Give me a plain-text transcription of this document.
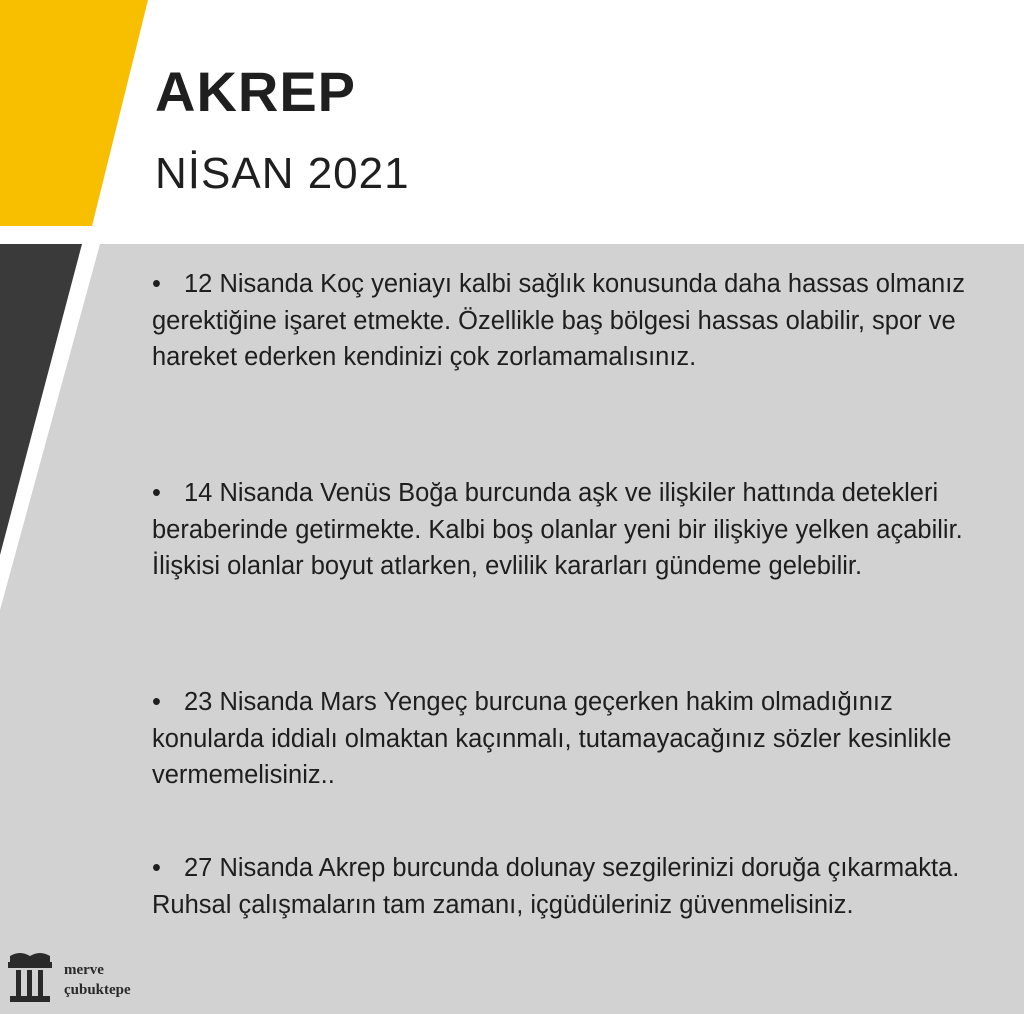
AKREP
NİSAN 2021
• 12 Nisanda Koç yeniayı kalbi sağlık konusunda daha hassas olmanız gerektiğine işaret etmekte. Özellikle baş bölgesi hassas olabilir, spor ve hareket ederken kendinizi çok zorlamamalısınız.
• 14 Nisanda Venüs Boğa burcunda aşk ve ilişkiler hattında detekleri beraberinde getirmekte. Kalbi boş olanlar yeni bir ilişkiye yelken açabilir. İlişkisi olanlar boyut atlarken, evlilik kararları gündeme gelebilir.
• 23 Nisanda Mars Yengeç burcuna geçerken hakim olmadığınız konularda iddialı olmaktan kaçınmalı, tutamayacağınız sözler kesinlikle vermemelisiniz..
• 27 Nisanda Akrep burcunda dolunay sezgilerinizi doruğa çıkarmakta. Ruhsal çalışmaların tam zamanı, içgüdüleriniz güvenmelisiniz.
merve
çubuktepe
